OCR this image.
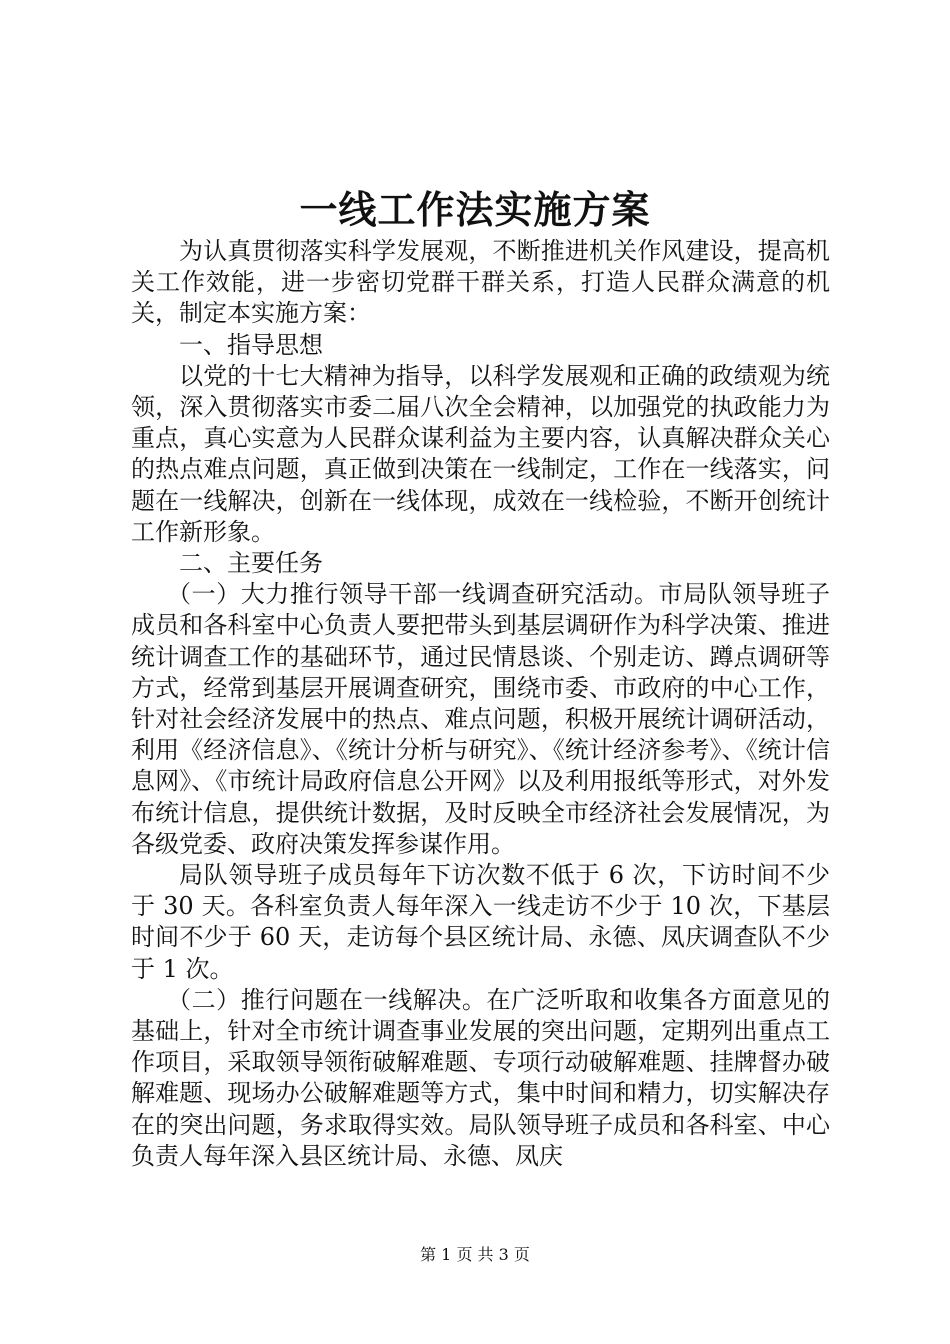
一线工作法实施方案

为认真贯彻落实科学发展观，不断推进机关作风建设，提高机关工作效能，进一步密切党群干群关系，打造人民群众满意的机关，制定本实施方案：

一、指导思想

以党的十七大精神为指导，以科学发展观和正确的政绩观为统领，深入贯彻落实市委二届八次全会精神，以加强党的执政能力为重点，真心实意为人民群众谋利益为主要内容，认真解决群众关心的热点难点问题，真正做到决策在一线制定，工作在一线落实，问题在一线解决，创新在一线体现，成效在一线检验，不断开创统计工作新形象。

二、主要任务

（一）大力推行领导干部一线调查研究活动。市局队领导班子成员和各科室中心负责人要把带头到基层调研作为科学决策、推进统计调查工作的基础环节，通过民情恳谈、个别走访、蹲点调研等方式，经常到基层开展调查研究，围绕市委、市政府的中心工作，针对社会经济发展中的热点、难点问题，积极开展统计调研活动，利用《经济信息》、《统计分析与研究》、《统计经济参考》、《统计信息网》、《市统计局政府信息公开网》以及利用报纸等形式，对外发布统计信息，提供统计数据，及时反映全市经济社会发展情况，为各级党委、政府决策发挥参谋作用。

局队领导班子成员每年下访次数不低于 6 次，下访时间不少于 30 天。各科室负责人每年深入一线走访不少于 10 次，下基层时间不少于 60 天，走访每个县区统计局、永德、凤庆调查队不少于 1 次。

（二）推行问题在一线解决。在广泛听取和收集各方面意见的基础上，针对全市统计调查事业发展的突出问题，定期列出重点工作项目，采取领导领衔破解难题、专项行动破解难题、挂牌督办破解难题、现场办公破解难题等方式，集中时间和精力，切实解决存在的突出问题，务求取得实效。局队领导班子成员和各科室、中心负责人每年深入县区统计局、永德、凤庆

第 1 页 共 3 页
